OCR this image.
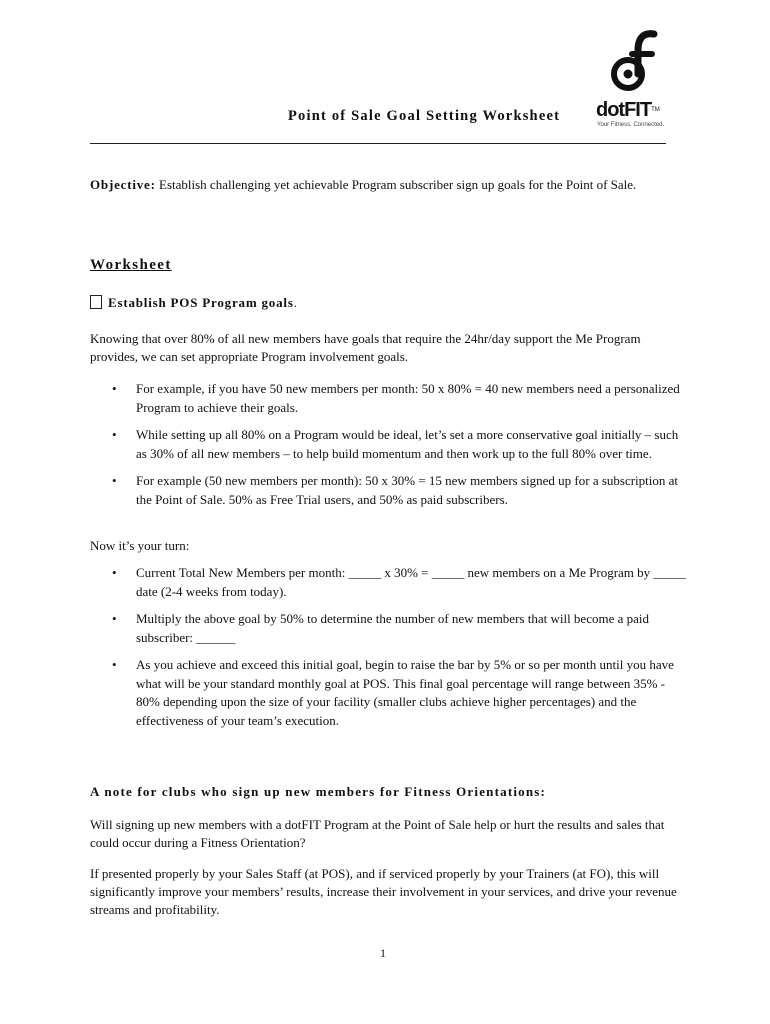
dotFIT™
Your Fitness. Connected.
Point of Sale Goal Setting Worksheet
Objective: Establish challenging yet achievable Program subscriber sign up goals for the Point of Sale.
Worksheet
Establish POS Program goals.
Knowing that over 80% of all new members have goals that require the 24hr/day support the Me Program provides, we can set appropriate Program involvement goals.
• For example, if you have 50 new members per month: 50 x 80% = 40 new members need a personalized Program to achieve their goals.
• While setting up all 80% on a Program would be ideal, let’s set a more conservative goal initially – such as 30% of all new members – to help build momentum and then work up to the full 80% over time.
• For example (50 new members per month): 50 x 30% = 15 new members signed up for a subscription at the Point of Sale. 50% as Free Trial users, and 50% as paid subscribers.
Now it’s your turn:
• Current Total New Members per month: _____ x 30% = _____ new members on a Me Program by _____ date (2-4 weeks from today).
• Multiply the above goal by 50% to determine the number of new members that will become a paid subscriber: ______
• As you achieve and exceed this initial goal, begin to raise the bar by 5% or so per month until you have what will be your standard monthly goal at POS. This final goal percentage will range between 35% - 80% depending upon the size of your facility (smaller clubs achieve higher percentages) and the effectiveness of your team’s execution.
A note for clubs who sign up new members for Fitness Orientations:
Will signing up new members with a dotFIT Program at the Point of Sale help or hurt the results and sales that could occur during a Fitness Orientation?
If presented properly by your Sales Staff (at POS), and if serviced properly by your Trainers (at FO), this will significantly improve your members’ results, increase their involvement in your services, and drive your revenue streams and profitability.
1
